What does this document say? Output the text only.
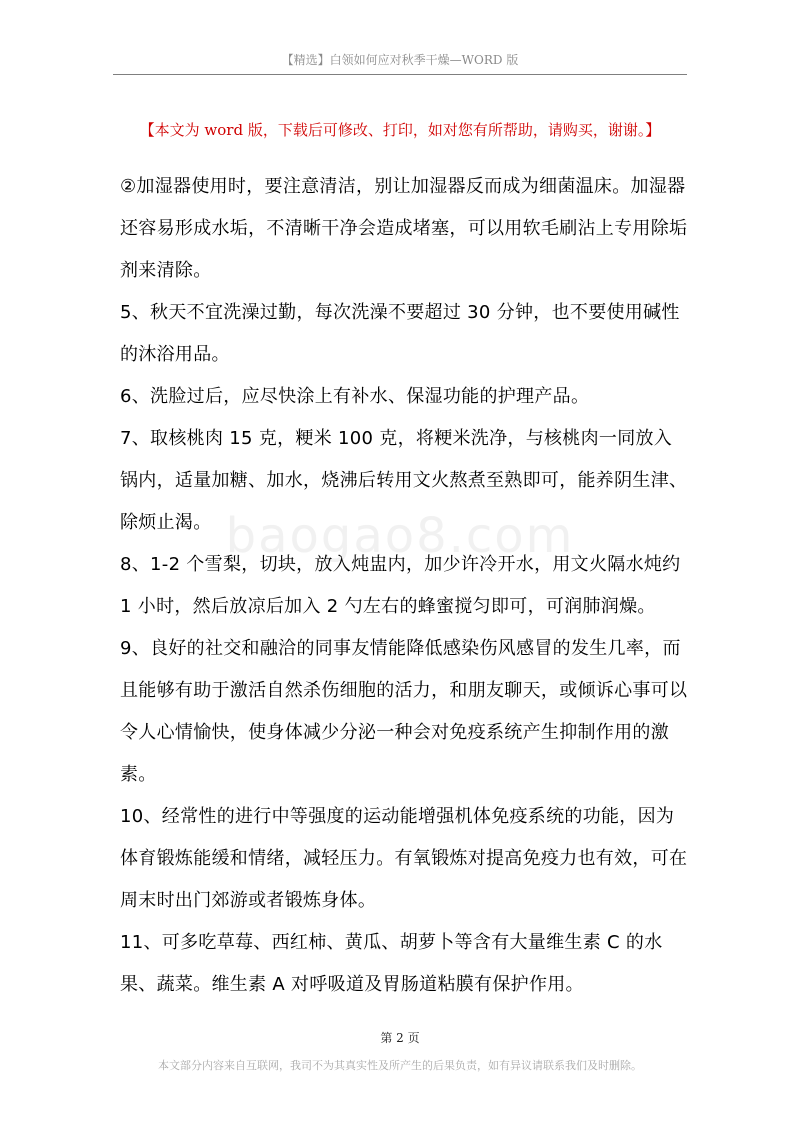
【精选】白领如何应对秋季干燥—WORD 版
【本文为 word 版，下载后可修改、打印，如对您有所帮助，请购买，谢谢。】
baogao8.com

②加湿器使用时，要注意清洁，别让加湿器反而成为细菌温床。加湿器还容易形成水垢，不清晰干净会造成堵塞，可以用软毛刷沾上专用除垢剂来清除。

5、秋天不宜洗澡过勤，每次洗澡不要超过 30 分钟，也不要使用碱性的沐浴用品。

6、洗脸过后，应尽快涂上有补水、保湿功能的护理产品。

7、取核桃肉 15 克，粳米 100 克，将粳米洗净，与核桃肉一同放入锅内，适量加糖、加水，烧沸后转用文火熬煮至熟即可，能养阴生津、除烦止渴。

8、1-2 个雪梨，切块，放入炖盅内，加少许冷开水，用文火隔水炖约 1 小时，然后放凉后加入 2 勺左右的蜂蜜搅匀即可，可润肺润燥。

9、良好的社交和融洽的同事友情能降低感染伤风感冒的发生几率，而且能够有助于激活自然杀伤细胞的活力，和朋友聊天，或倾诉心事可以令人心情愉快，使身体减少分泌一种会对免疫系统产生抑制作用的激素。

10、经常性的进行中等强度的运动能增强机体免疫系统的功能，因为体育锻炼能缓和情绪，减轻压力。有氧锻炼对提高免疫力也有效，可在周末时出门郊游或者锻炼身体。

11、可多吃草莓、西红柿、黄瓜、胡萝卜等含有大量维生素 C 的水果、蔬菜。维生素 A 对呼吸道及胃肠道粘膜有保护作用。

第 2 页
本文部分内容来自互联网，我司不为其真实性及所产生的后果负责，如有异议请联系我们及时删除。
